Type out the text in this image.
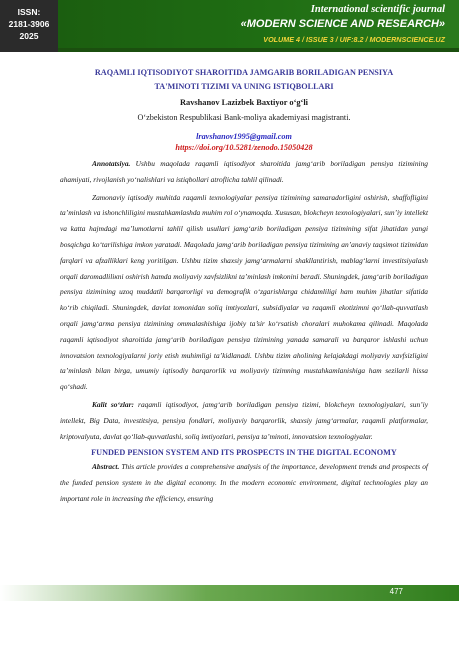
ISSN:
2181-3906
2025
International scientific journal
«MODERN SCIENCE AND RESEARCH»
VOLUME 4 / ISSUE 3 / UIF:8.2 / MODERNSCIENCE.UZ

RAQAMLI IQTISODIYOT SHAROITIDA JAMGARIB BORILADIGAN PENSIYA
TA'MINOTI TIZIMI VA UNING ISTIQBOLLARI

Ravshanov Lazizbek Baxtiyor o‘g‘li
O‘zbekiston Respublikasi Bank-moliya akademiyasi magistranti.
lravshanov1995@gmail.com
https://doi.org/10.5281/zenodo.15050428

Annotatsiya. Ushbu maqolada raqamli iqtisodiyot sharoitida jamg‘arib boriladigan pensiya tizimining ahamiyati, rivojlanish yo‘nalishlari va istiqbollari atroflicha tahlil qilinadi.

Zamonaviy iqtisodiy muhitda raqamli texnologiyalar pensiya tizimining samaradorligini oshirish, shaffofligini ta’minlash va ishonchliligini mustahkamlashda muhim rol o‘ynamoqda. Xususan, blokcheyn texnologiyalari, sun’iy intellekt va katta hajmdagi ma’lumotlarni tahlil qilish usullari jamg‘arib boriladigan pensiya tizimining sifat jihatidan yangi bosqichga ko‘tarilishiga imkon yaratadi. Maqolada jamg‘arib boriladigan pensiya tizimining an’anaviy taqsimot tizimidan farqlari va afzalliklari keng yoritilgan. Ushbu tizim shaxsiy jamg‘armalarni shakllantirish, mablag‘larni investitsiyalash orqali daromadliliкni oshirish hamda moliyaviy xavfsizlikni ta’minlash imkonini beradi. Shuningdek, jamg‘arib boriladigan pensiya tizimining uzoq muddatli barqarorligi va demografik o‘zgarishlarga chidamliligi ham muhim jihatlar sifatida ko‘rib chiqiladi. Shuningdek, davlat tomonidan soliq imtiyozlari, subsidiyalar va raqamli ekotizimni qo‘llab-quvvatlash orqali jamg‘arma pensiya tizimining ommalashishiga ijobiy ta’sir ko‘rsatish choralari muhokama qilinadi. Maqolada raqamli iqtisodiyot sharoitida jamg‘arib boriladigan pensiya tizimining yanada samarali va barqaror ishlashi uchun innovatsion texnologiyalarni joriy etish muhimligi ta’kidlanadi. Ushbu tizim aholining kelajakdagi moliyaviy xavfsizligini ta’minlash bilan birga, umumiy iqtisodiy barqarorlik va moliyaviy tizimning mustahkamlanishiga ham sezilarli hissa qo‘shadi.

Kalit so‘zlar: raqamli iqtisodiyot, jamg‘arib boriladigan pensiya tizimi, blokcheyn texnologiyalari, sun’iy intellekt, Big Data, investitsiya, pensiya fondlari, moliyaviy barqarorlik, shaxsiy jamg‘armalar, raqamli platformalar, kriptovalyuta, davlat qo‘llab-quvvatlashi, soliq imtiyozlari, pensiya ta’minoti, innovatsion texnologiyalar.

FUNDED PENSION SYSTEM AND ITS PROSPECTS IN THE DIGITAL ECONOMY

Abstract. This article provides a comprehensive analysis of the importance, development trends and prospects of the funded pension system in the digital economy. In the modern economic environment, digital technologies play an important role in increasing the efficiency, ensuring

477
